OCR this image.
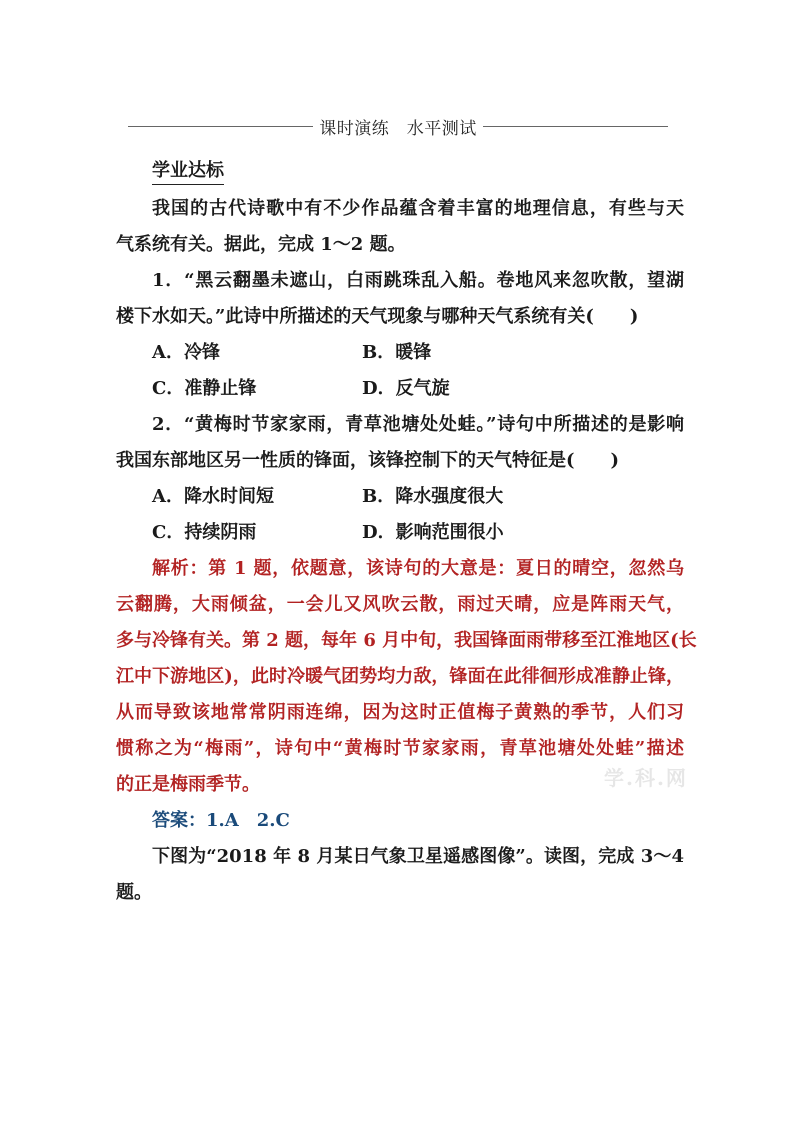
课时演练　水平测试
学业达标
我国的古代诗歌中有不少作品蕴含着丰富的地理信息，有些与天
气系统有关。据此，完成 1～2 题。
1．“黑云翻墨未遮山，白雨跳珠乱入船。卷地风来忽吹散，望湖
楼下水如天。”此诗中所描述的天气现象与哪种天气系统有关(　　)
A．冷锋	B．暖锋
C．准静止锋	D．反气旋
2．“黄梅时节家家雨，青草池塘处处蛙。”诗句中所描述的是影响
我国东部地区另一性质的锋面，该锋控制下的天气特征是(　　)
A．降水时间短	B．降水强度很大
C．持续阴雨	D．影响范围很小
解析：第 1 题，依题意，该诗句的大意是：夏日的晴空，忽然乌
云翻腾，大雨倾盆，一会儿又风吹云散，雨过天晴，应是阵雨天气，
多与冷锋有关。第 2 题，每年 6 月中旬，我国锋面雨带移至江淮地区(长
江中下游地区)，此时冷暖气团势均力敌，锋面在此徘徊形成准静止锋，
从而导致该地常常阴雨连绵，因为这时正值梅子黄熟的季节，人们习
惯称之为“梅雨”，诗句中“黄梅时节家家雨，青草池塘处处蛙”描述
的正是梅雨季节。
答案：1.A　2.C
下图为“2018 年 8 月某日气象卫星遥感图像”。读图，完成 3～4
题。
学.科.网
